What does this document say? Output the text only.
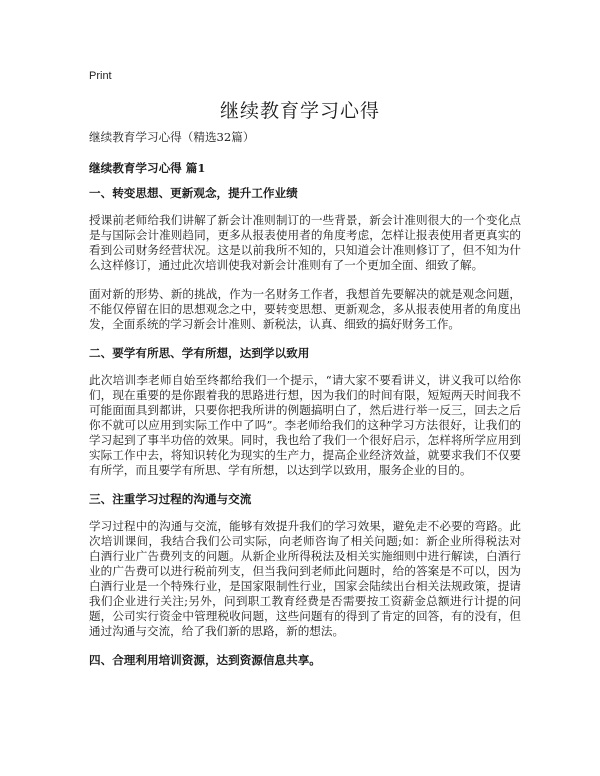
Print
继续教育学习心得

继续教育学习心得（精选32篇）

继续教育学习心得 篇1

一、转变思想、更新观念，提升工作业绩

授课前老师给我们讲解了新会计准则制订的一些背景，新会计准则很大的一个变化点是与国际会计准则趋同，更多从报表使用者的角度考虑，怎样让报表使用者更真实的看到公司财务经营状况。这是以前我所不知的，只知道会计准则修订了，但不知为什么这样修订，通过此次培训使我对新会计准则有了一个更加全面、细致了解。

面对新的形势、新的挑战，作为一名财务工作者，我想首先要解决的就是观念问题，不能仅停留在旧的思想观念之中，要转变思想、更新观念，多从报表使用者的角度出发，全面系统的学习新会计准则、新税法，认真、细致的搞好财务工作。

二、要学有所思、学有所想，达到学以致用

此次培训李老师自始至终都给我们一个提示，“请大家不要看讲义，讲义我可以给你们，现在重要的是你跟着我的思路进行想，因为我们的时间有限，短短两天时间我不可能面面具到都讲，只要你把我所讲的例题搞明白了，然后进行举一反三，回去之后你不就可以应用到实际工作中了吗”。李老师给我们的这种学习方法很好，让我们的学习起到了事半功倍的效果。同时，我也给了我们一个很好启示，怎样将所学应用到实际工作中去，将知识转化为现实的生产力，提高企业经济效益，就要求我们不仅要有所学，而且要学有所思、学有所想，以达到学以致用，服务企业的目的。

三、注重学习过程的沟通与交流

学习过程中的沟通与交流，能够有效提升我们的学习效果，避免走不必要的弯路。此次培训课间，我结合我们公司实际，向老师咨询了相关问题;如：新企业所得税法对白酒行业广告费列支的问题。从新企业所得税法及相关实施细则中进行解读，白酒行业的广告费可以进行税前列支，但当我问到老师此问题时，给的答案是不可以，因为白酒行业是一个特殊行业，是国家限制性行业，国家会陆续出台相关法规政策，提请我们企业进行关注;另外，问到职工教育经费是否需要按工资薪金总额进行计提的问题，公司实行资金中管理税收问题，这些问题有的得到了肯定的回答，有的没有，但通过沟通与交流，给了我们新的思路，新的想法。

四、合理利用培训资源，达到资源信息共享。
